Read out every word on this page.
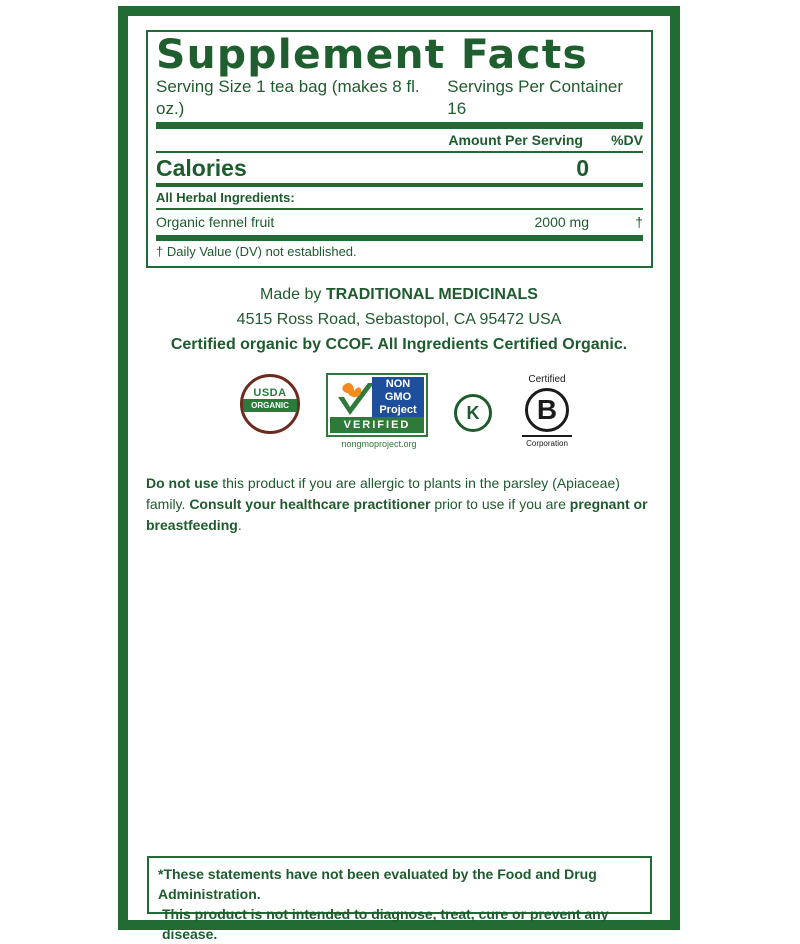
Supplement Facts
Serving Size 1 tea bag (makes 8 fl. oz.)
Servings Per Container 16
Amount Per Serving %DV
Calories	0
All Herbal Ingredients:
Organic fennel fruit	2000 mg	†
† Daily Value (DV) not established.
Made by TRADITIONAL MEDICINALS
4515 Ross Road, Sebastopol, CA 95472 USA
Certified organic by CCOF. All Ingredients Certified Organic.
USDA
ORGANIC
NON
GMO
Project
VERIFIED
nongmoproject.org
K
Certified
B
Corporation
Do not use this product if you are allergic to plants in the parsley (Apiaceae) family. Consult your healthcare practitioner prior to use if you are pregnant or breastfeeding.
*These statements have not been evaluated by the Food and Drug Administration.
This product is not intended to diagnose, treat, cure or prevent any disease.
